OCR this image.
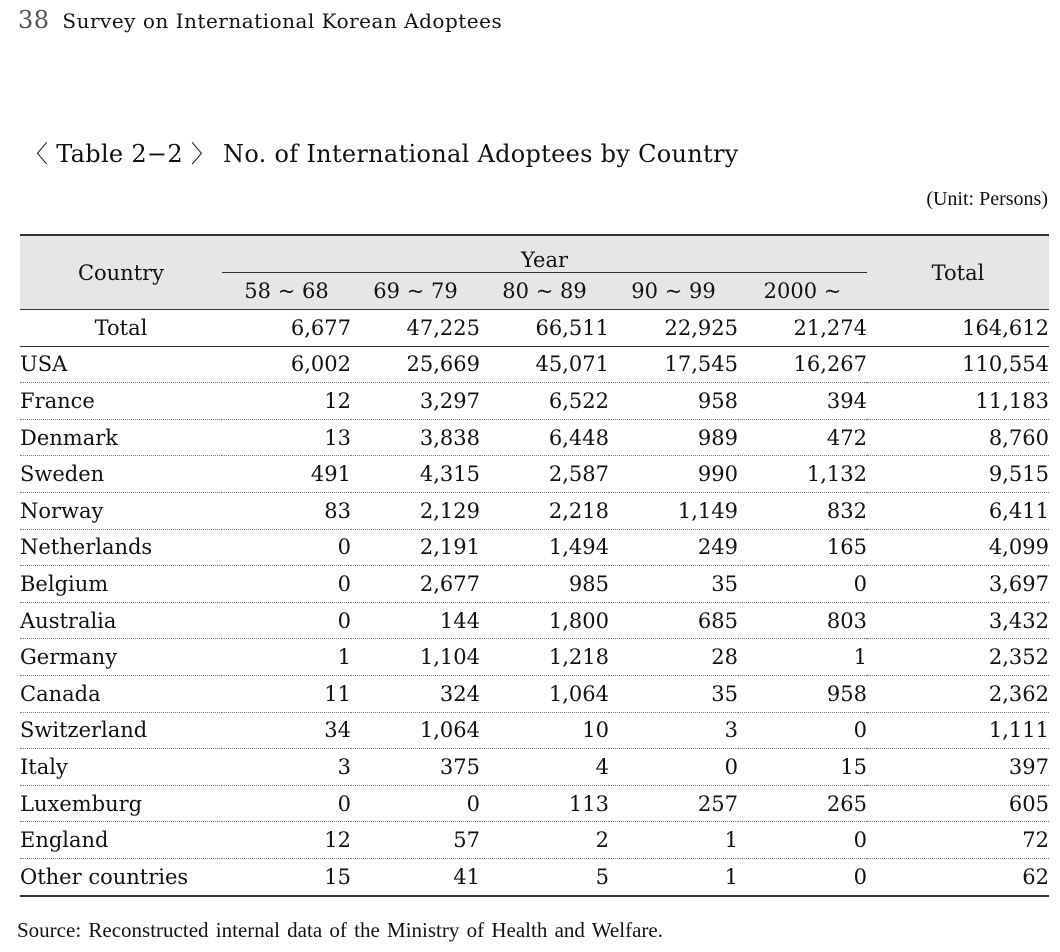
38 Survey on International Korean Adoptees
〈 Table 2−2 〉 No. of International Adoptees by Country
(Unit: Persons)
Country	Year					Total
	58 ~ 68	69 ~ 79	80 ~ 89	90 ~ 99	2000 ~	
Total	6,677	47,225	66,511	22,925	21,274	164,612
USA	6,002	25,669	45,071	17,545	16,267	110,554
France	12	3,297	6,522	958	394	11,183
Denmark	13	3,838	6,448	989	472	8,760
Sweden	491	4,315	2,587	990	1,132	9,515
Norway	83	2,129	2,218	1,149	832	6,411
Netherlands	0	2,191	1,494	249	165	4,099
Belgium	0	2,677	985	35	0	3,697
Australia	0	144	1,800	685	803	3,432
Germany	1	1,104	1,218	28	1	2,352
Canada	11	324	1,064	35	958	2,362
Switzerland	34	1,064	10	3	0	1,111
Italy	3	375	4	0	15	397
Luxemburg	0	0	113	257	265	605
England	12	57	2	1	0	72
Other countries	15	41	5	1	0	62
Source: Reconstructed internal data of the Ministry of Health and Welfare.
